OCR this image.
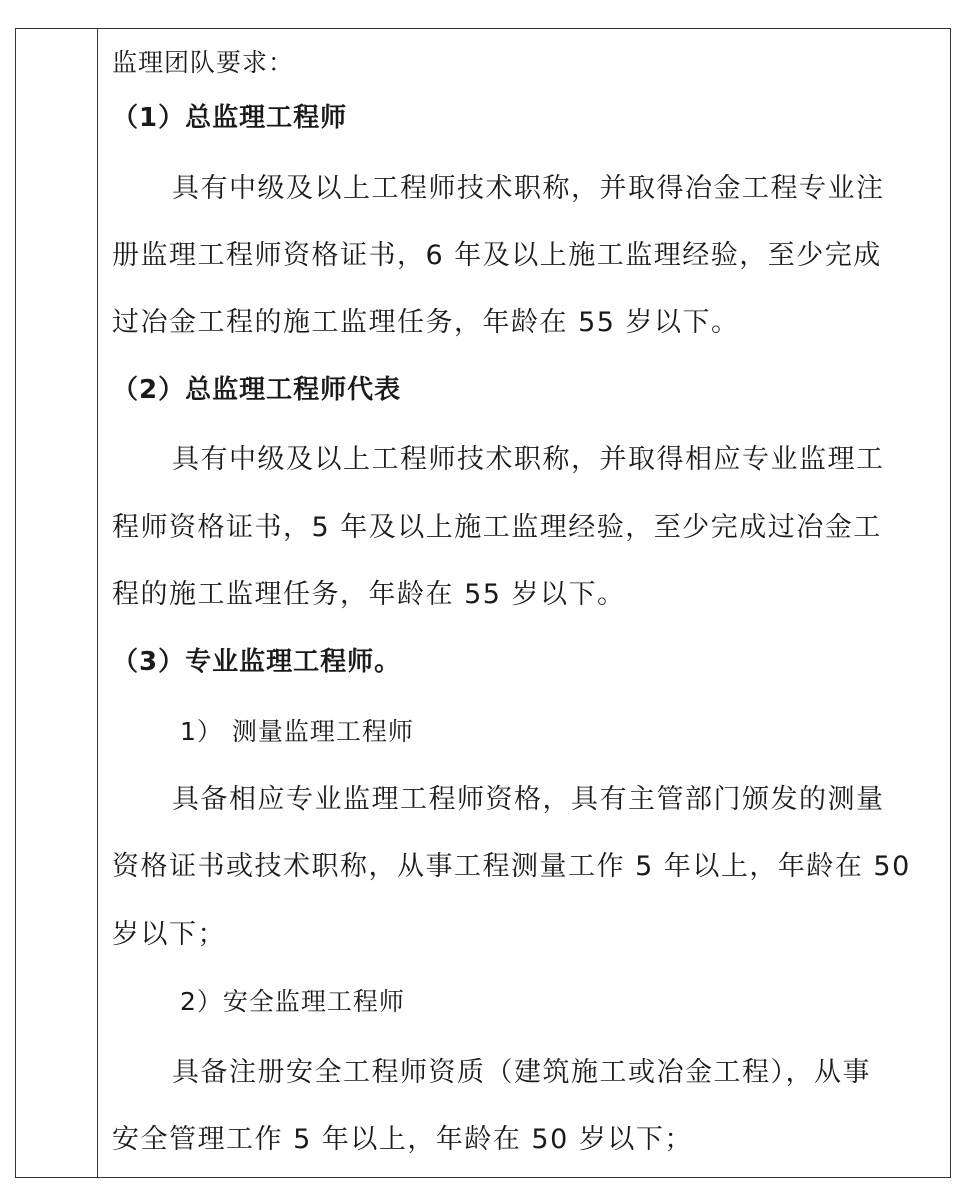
监理团队要求：
（1）总监理工程师
具有中级及以上工程师技术职称，并取得冶金工程专业注
册监理工程师资格证书，6 年及以上施工监理经验，至少完成
过冶金工程的施工监理任务，年龄在 55 岁以下。
（2）总监理工程师代表
具有中级及以上工程师技术职称，并取得相应专业监理工
程师资格证书，5 年及以上施工监理经验，至少完成过冶金工
程的施工监理任务，年龄在 55 岁以下。
（3）专业监理工程师。
1） 测量监理工程师
具备相应专业监理工程师资格，具有主管部门颁发的测量
资格证书或技术职称，从事工程测量工作 5 年以上，年龄在 50
岁以下；
2）安全监理工程师
具备注册安全工程师资质（建筑施工或冶金工程），从事
安全管理工作 5 年以上，年龄在 50 岁以下；
